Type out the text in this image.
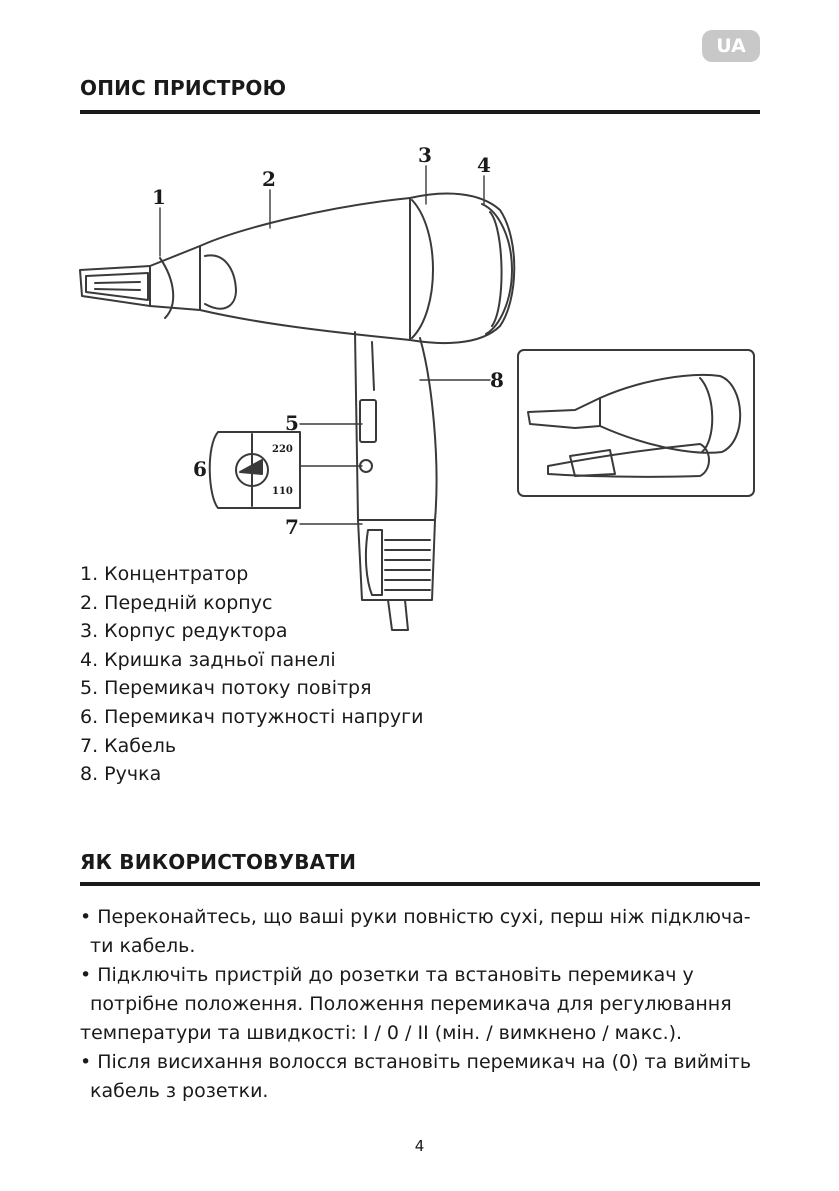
UA
ОПИС ПРИСТРОЮ
1
2
3 4
5
6
7
8
220
110
1. Концентратор
2. Передній корпус
3. Корпус редуктора
4. Кришка задньої панелі
5. Перемикач потоку повітря
6. Перемикач потужності напруги
7. Кабель
8. Ручка
ЯК ВИКОРИСТОВУВАТИ
• Переконайтесь, що ваші руки повністю сухі, перш ніж підключа-
ти кабель.
• Підключіть пристрій до розетки та встановіть перемикач у
потрібне положення. Положення перемикача для регулювання
температури та швидкості: I / 0 / II (мін. / вимкнено / макс.).
• Після висихання волосся встановіть перемикач на (0) та вийміть
кабель з розетки.
4
